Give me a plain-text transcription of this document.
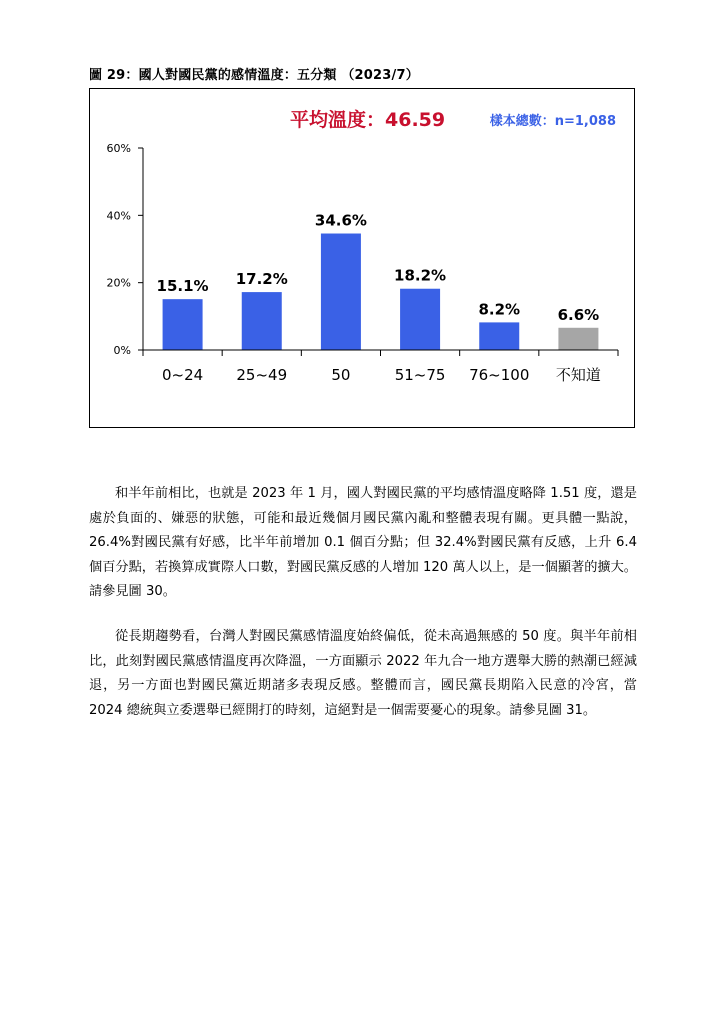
圖 29：國人對國民黨的感情溫度：五分類 （2023/7）
平均溫度：46.59	樣本總數：n=1,088
0%
20%
40%
60%
15.1% 17.2%
34.6%
18.2%
8.2%	6.6%
0~24 25~49	50	51~75 76~100 不知道

和半年前相比，也就是 2023 年 1 月，國人對國民黨的平均感情溫度略降 1.51 度，還是處於負面的、嫌惡的狀態，可能和最近幾個月國民黨內亂和整體表現有關。更具體一點說，26.4%對國民黨有好感，比半年前增加 0.1 個百分點；但 32.4%對國民黨有反感，上升 6.4 個百分點，若換算成實際人口數，對國民黨反感的人增加 120 萬人以上，是一個顯著的擴大。請參見圖 30。

從長期趨勢看，台灣人對國民黨感情溫度始終偏低，從未高過無感的 50 度。與半年前相比，此刻對國民黨感情溫度再次降溫，一方面顯示 2022 年九合一地方選舉大勝的熱潮已經減退，另一方面也對國民黨近期諸多表現反感。整體而言，國民黨長期陷入民意的冷宮，當 2024 總統與立委選舉已經開打的時刻，這絕對是一個需要憂心的現象。請參見圖 31。
